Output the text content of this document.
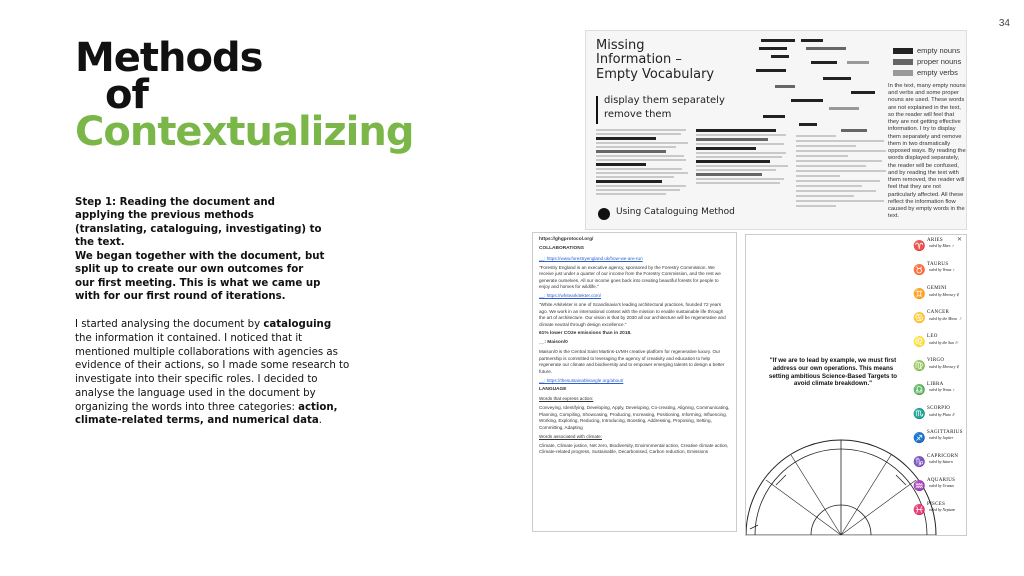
34
Methods
of
Contextualizing

Step 1: Reading the document and applying the previous methods (translating, cataloguing, investigating) to the text.

We began together with the document, but split up to create our own outcomes for our first meeting. This is what we came up with for our first round of iterations.

I started analysing the document by cataloguing the information it contained. I noticed that it mentioned multiple collaborations with agencies as evidence of their actions, so I made some research to investigate into their specific roles. I decided to analyse the language used in the document by organizing the words into three categories: action, climate-related terms, and numerical data.
Missing
Information –
Empty Vocabulary
display them separately
remove them
Using Cataloguing Method
empty nouns
proper nouns
empty verbs
In the text, many empty nouns and verbs and some proper nouns are used. These words are not explained in the text, so the reader will feel that they are not getting effective information. I try to display them separately and remove them in two dramatically opposed ways. By reading the words displayed separately, the reader will be confused, and by reading the text with them removed, the reader will feel that they are not particularly affected. All these reflect the information flow caused by empty words in the text.

https://ghgprotocol.org/

COLLABORATIONS

__: https://www.forestryengland.uk/how-we-are-run

"Forestry England is an executive agency, sponsored by the Forestry Commission. We receive just under a quarter of our income from the Forestry Commission, and the rest we generate ourselves. All our income goes back into creating beautiful forests for people to enjoy and homes for wildlife."

__: https://whitearkitekter.com/

"White Arkitekter is one of Scandinavia's leading architectural practices, founded 72 years ago. We work in an international context with the mission to enable sustainable life through the art of architecture. Our vision is that by 2030 all our architecture will be regenerative and climate neutral through design excellence."

61% lower CO2e emissions than in 2018.

__: Maison/0

Maison/0 is the Central Saint Martins-LVMH creative platform for regenerative luxury. Our partnership is committed to leveraging the agency of creativity and education to help regenerate our climate and biodiversity and to empower emerging talents to design a better future.

__: https://thesustainableangle.org/about/

LANGUAGE

Words that express action:

Conveying, Identifying, Developing, Apply, Developing, Co-creating, Aligning, Communicating, Planning, Compiling, Showcasing, Producing, Increasing, Positioning, Informing, Influencing, Working, Exploring, Reducing, Introducing, Boosting, Addressing, Proposing, Setting, Committing, Adapting

Words associated with climate:

Climate, Climate justice, Net zero, Biodiversity, Environmental action, Creative climate action, Climate-related progress, Sustainable, Decarbonised, Carbon reduction, Emissions

✕
"If we are to lead by example, we must first address our own operations. This means setting ambitious Science-Based Targets to avoid climate breakdown."
♈
ARIES
ruled by Mars ♂
♉
TAURUS
ruled by Venus ♀
♊
GEMINI
ruled by Mercury ☿
♋
CANCER
ruled by the Moon ☽
♌
LEO
ruled by the Sun ☉
♍
VIRGO
ruled by Mercury ☿
♎
LIBRA
ruled by Venus ♀
♏
SCORPIO
ruled by Pluto ♇
♐
SAGITTARIUS
ruled by Jupiter
♑
CAPRICORN
ruled by Saturn
♒
AQUARIUS
ruled by Uranus
♓
PISCES
ruled by Neptune
